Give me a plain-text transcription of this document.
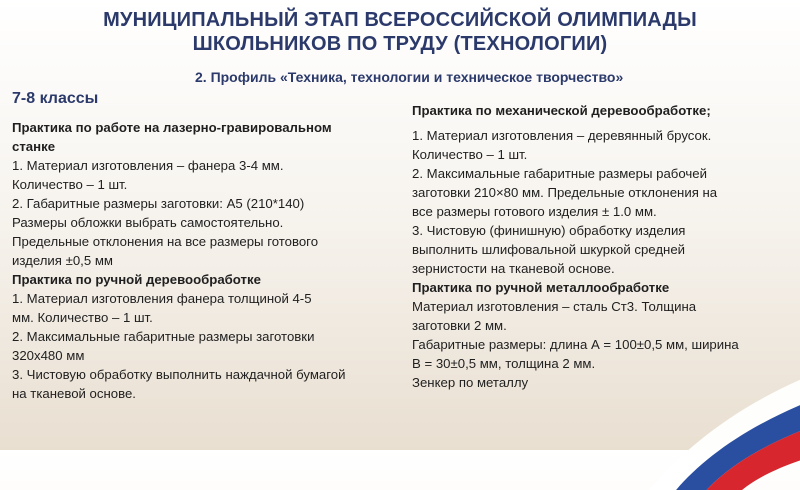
МУНИЦИПАЛЬНЫЙ ЭТАП ВСЕРОССИЙСКОЙ ОЛИМПИАДЫ
ШКОЛЬНИКОВ ПО ТРУДУ (ТЕХНОЛОГИИ)
2. Профиль «Техника, технологии и техническое творчество»
7-8 классы
Практика по работе на лазерно-гравировальном
станке
1. Материал изготовления – фанера 3-4 мм.
Количество – 1 шт.
2. Габаритные размеры заготовки: А5 (210*140)
Размеры обложки выбрать самостоятельно.
Предельные отклонения на все размеры готового
изделия ±0,5 мм
Практика по ручной деревообработке
1. Материал изготовления фанера толщиной 4-5
мм. Количество – 1 шт.
2. Максимальные габаритные размеры заготовки
320х480 мм
3. Чистовую обработку выполнить наждачной бумагой
на тканевой основе.
Практика по механической деревообработке;
1. Материал изготовления – деревянный брусок.
Количество – 1 шт.
2. Максимальные габаритные размеры рабочей
заготовки 210×80 мм. Предельные отклонения на
все размеры готового изделия ± 1.0 мм.
3. Чистовую (финишную) обработку изделия
выполнить шлифовальной шкуркой средней
зернистости на тканевой основе.
Практика по ручной металлообработке
Материал изготовления – сталь Ст3. Толщина
заготовки 2 мм.
Габаритные размеры: длина А = 100±0,5 мм, ширина
В = 30±0,5 мм, толщина 2 мм.
Зенкер по металлу
